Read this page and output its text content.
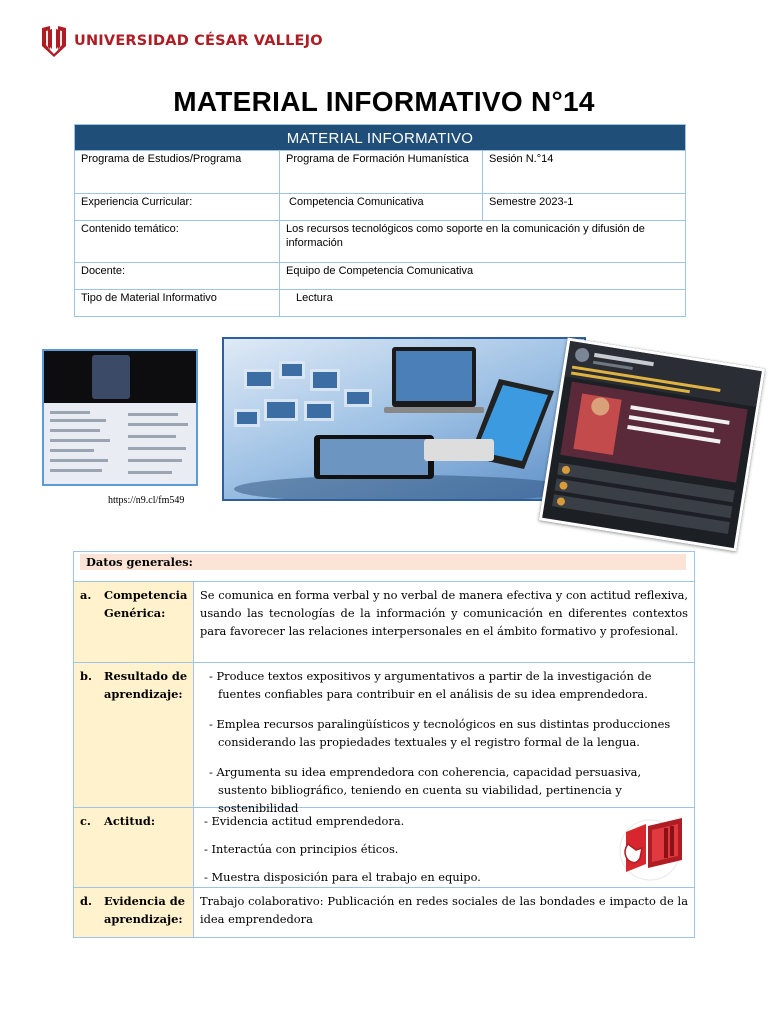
UNIVERSIDAD CÉSAR VALLEJO
MATERIAL INFORMATIVO N°14
MATERIAL INFORMATIVO
Programa de Estudios/Programa	Programa de Formación Humanística	Sesión N.°14
Experiencia Curricular:	Competencia Comunicativa	Semestre 2023-1
Contenido temático:	Los recursos tecnológicos como soporte en la comunicación y difusión de información
Docente:	Equipo de Competencia Comunicativa
Tipo de Material Informativo	Lectura
https://n9.cl/fm549
Datos generales:
a.	Competencia Genérica:
Se comunica en forma verbal y no verbal de manera efectiva y con actitud reflexiva, usando las tecnologías de la información y comunicación en diferentes contextos para favorecer las relaciones interpersonales en el ámbito formativo y profesional.
b.	Resultado de aprendizaje:
- Produce textos expositivos y argumentativos a partir de la investigación de fuentes confiables para contribuir en el análisis de su idea emprendedora.
- Emplea recursos paralingüísticos y tecnológicos en sus distintas producciones considerando las propiedades textuales y el registro formal de la lengua.
- Argumenta su idea emprendedora con coherencia, capacidad persuasiva, sustento bibliográfico, teniendo en cuenta su viabilidad, pertinencia y sostenibilidad
c.	Actitud:	- Evidencia actitud emprendedora.
- Interactúa con principios éticos.
- Muestra disposición para el trabajo en equipo.
d.	Evidencia de aprendizaje:
Trabajo colaborativo: Publicación en redes sociales de las bondades e impacto de la idea emprendedora
